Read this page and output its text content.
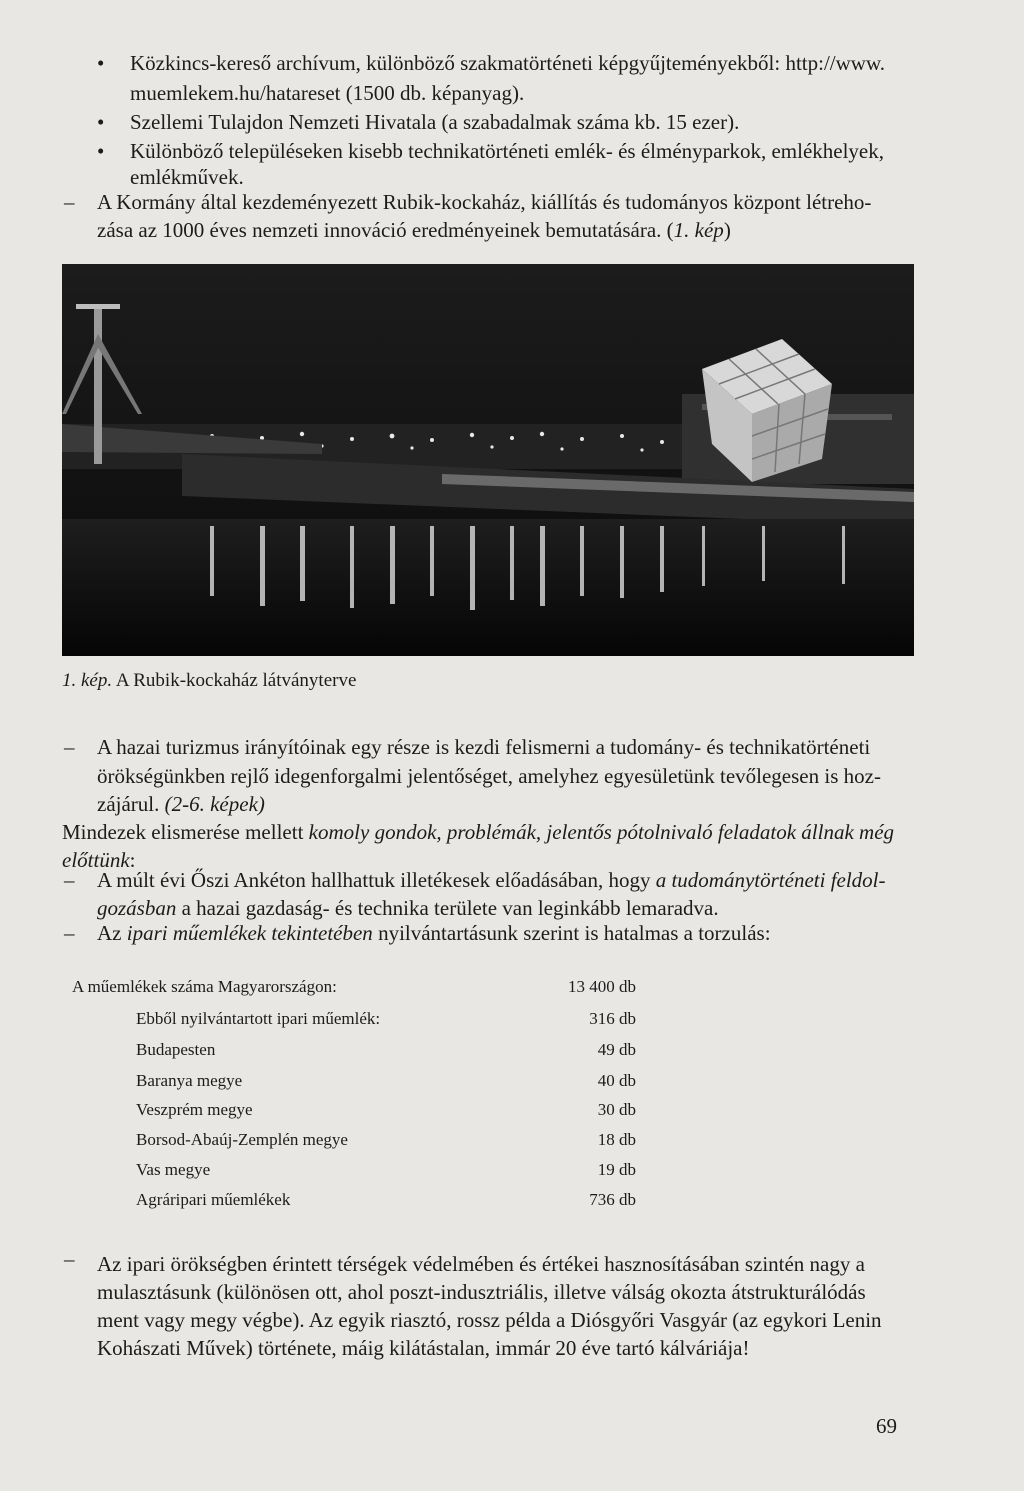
• Közkincs-kereső archívum, különböző szakmatörténeti képgyűjteményekből: http://www.
muemlekem.hu/hatareset (1500 db. képanyag).
• Szellemi Tulajdon Nemzeti Hivatala (a szabadalmak száma kb. 15 ezer).
• Különböző településeken kisebb technikatörténeti emlék- és élményparkok, emlékhelyek,
emlékművek.
– A Kormány által kezdeményezett Rubik-kockaház, kiállítás és tudományos központ létreho-
zása az 1000 éves nemzeti innováció eredményeinek bemutatására. (1. kép)
1. kép. A Rubik-kockaház látványterve
– A hazai turizmus irányítóinak egy része is kezdi felismerni a tudomány- és technikatörténeti
örökségünkben rejlő idegenforgalmi jelentőséget, amelyhez egyesületünk tevőlegesen is hoz-
zájárul. (2-6. képek)
Mindezek elismerése mellett komoly gondok, problémák, jelentős pótolnivaló feladatok állnak még
előttünk:
– A múlt évi Őszi Ankéton hallhattuk illetékesek előadásában, hogy a tudománytörténeti feldol-
gozásban a hazai gazdaság- és technika területe van leginkább lemaradva.
– Az ipari műemlékek tekintetében nyilvántartásunk szerint is hatalmas a torzulás:
A műemlékek száma Magyarországon:	13 400 db
Ebből nyilvántartott ipari műemlék:	316 db
Budapesten	49 db
Baranya megye	40 db
Veszprém megye	30 db
Borsod-Abaúj-Zemplén megye	18 db
Vas megye	19 db
Agráripari műemlékek	736 db
– Az ipari örökségben érintett térségek védelmében és értékei hasznosításában szintén nagy a
mulasztásunk (különösen ott, ahol poszt-indusztriális, illetve válság okozta átstrukturálódás
ment vagy megy végbe). Az egyik riasztó, rossz példa a Diósgyőri Vasgyár (az egykori Lenin
Kohászati Művek) története, máig kilátástalan, immár 20 éve tartó kálváriája!
69
